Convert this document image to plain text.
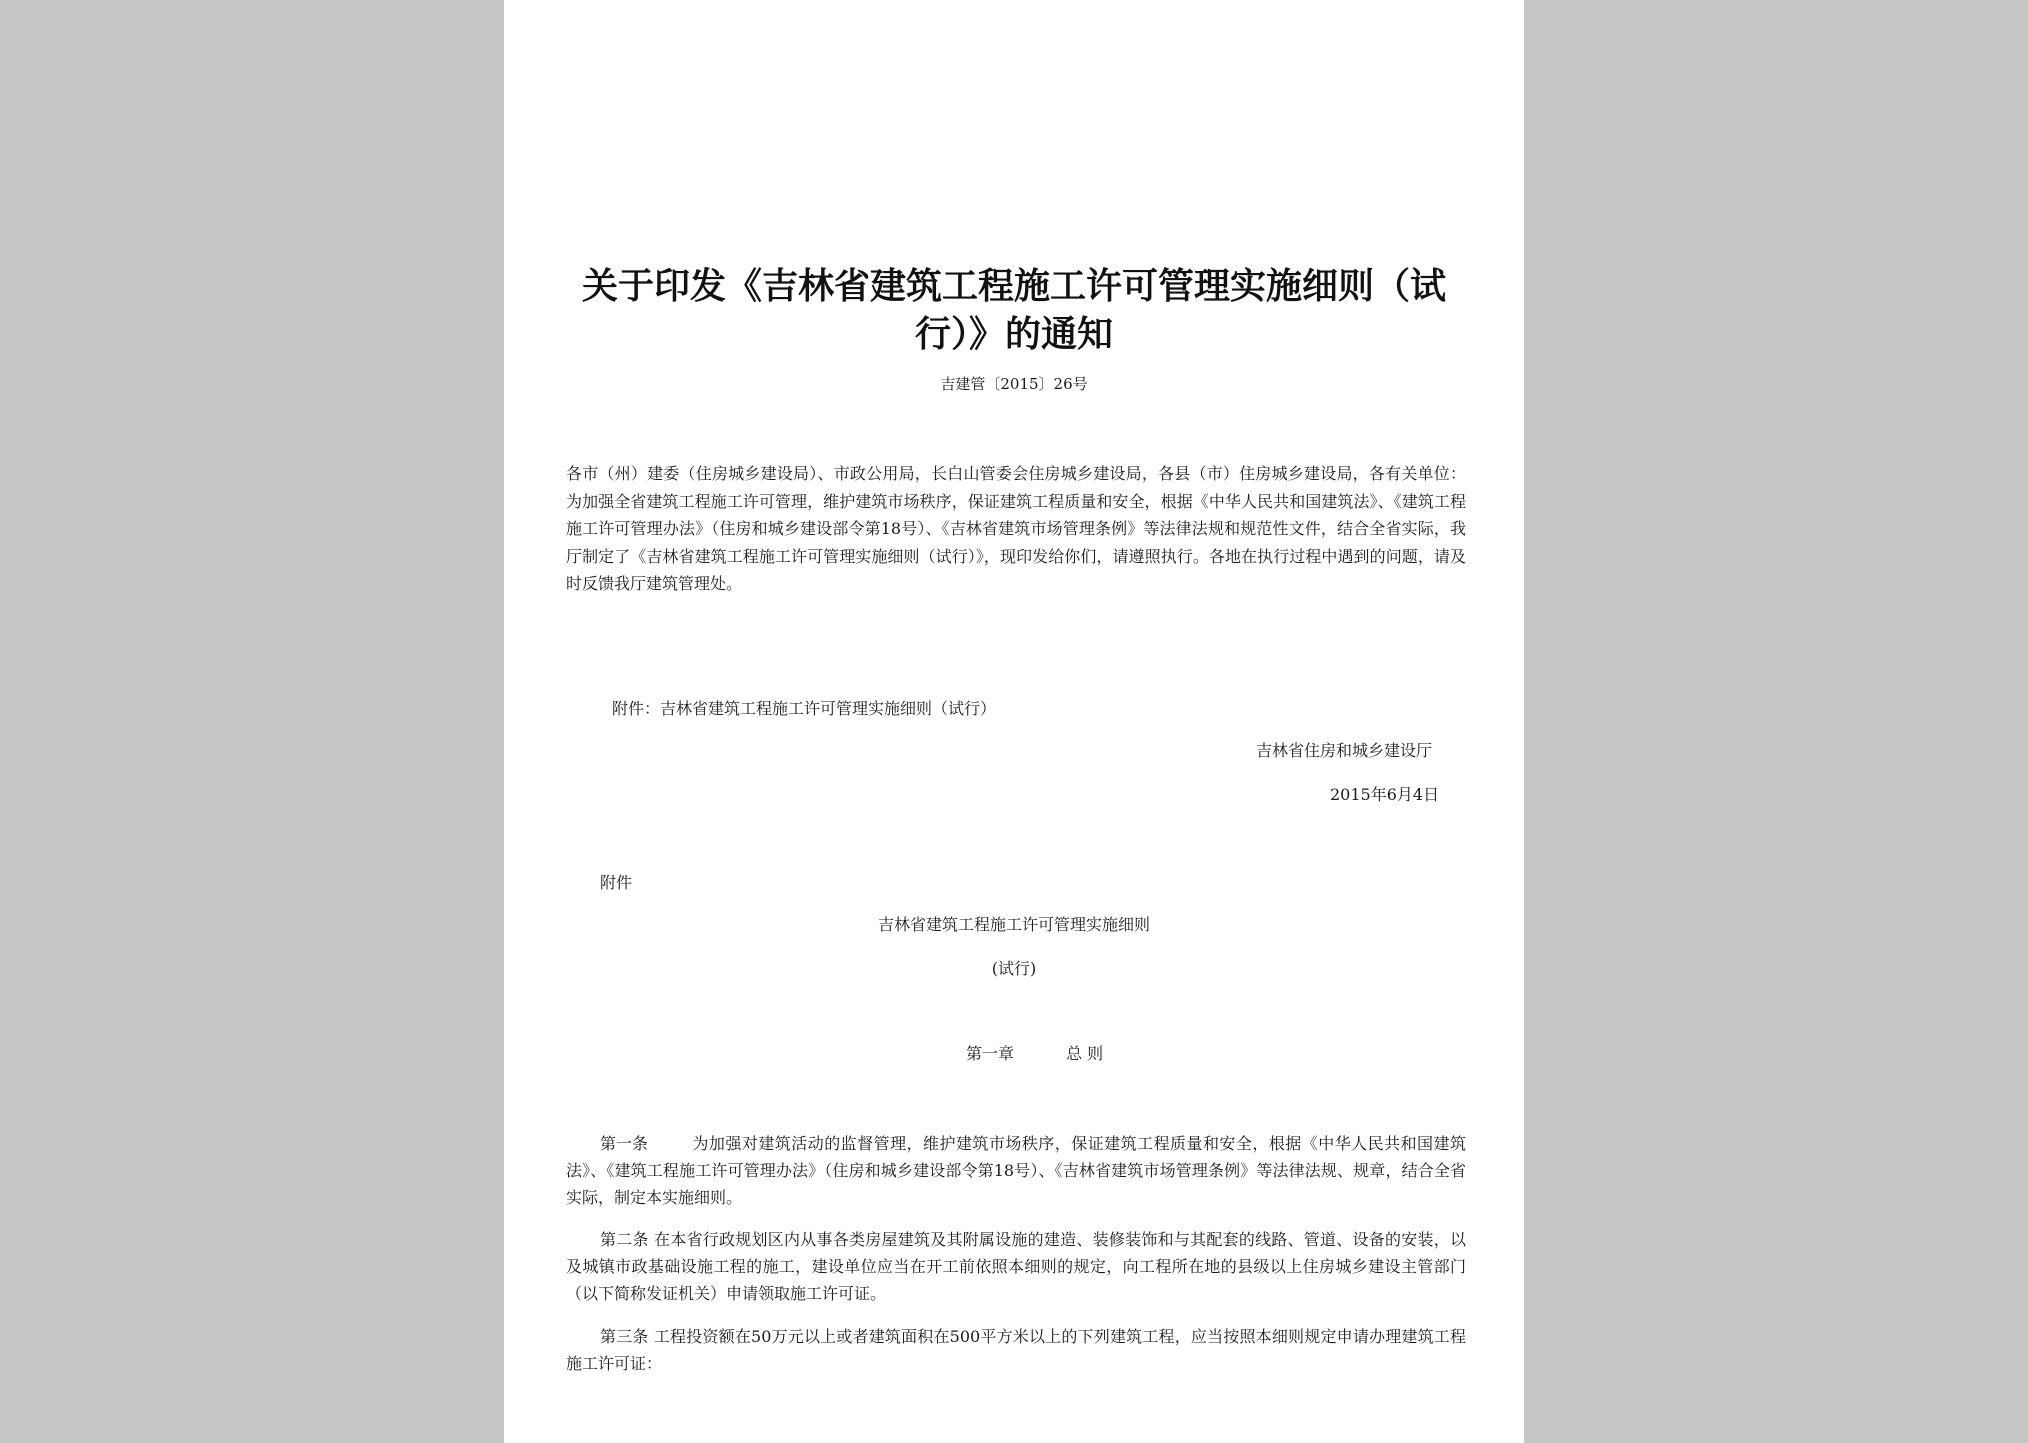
关于印发《吉林省建筑工程施工许可管理实施细则（试行）》的通知
吉建管〔2015〕26号

各市（州）建委（住房城乡建设局）、市政公用局，长白山管委会住房城乡建设局，各县（市）住房城乡建设局，各有关单位：为加强全省建筑工程施工许可管理，维护建筑市场秩序，保证建筑工程质量和安全，根据《中华人民共和国建筑法》、《建筑工程施工许可管理办法》（住房和城乡建设部令第18号）、《吉林省建筑市场管理条例》等法律法规和规范性文件，结合全省实际，我厅制定了《吉林省建筑工程施工许可管理实施细则（试行）》，现印发给你们，请遵照执行。各地在执行过程中遇到的问题，请及时反馈我厅建筑管理处。

附件：吉林省建筑工程施工许可管理实施细则（试行）
吉林省住房和城乡建设厅
2015年6月4日
附件
吉林省建筑工程施工许可管理实施细则
(试行)
第一章	总 则

第一条	为加强对建筑活动的监督管理，维护建筑市场秩序，保证建筑工程质量和安全，根据《中华人民共和国建筑法》、《建筑工程施工许可管理办法》（住房和城乡建设部令第18号）、《吉林省建筑市场管理条例》等法律法规、规章，结合全省实际，制定本实施细则。

第二条 在本省行政规划区内从事各类房屋建筑及其附属设施的建造、装修装饰和与其配套的线路、管道、设备的安装，以及城镇市政基础设施工程的施工，建设单位应当在开工前依照本细则的规定，向工程所在地的县级以上住房城乡建设主管部门（以下简称发证机关）申请领取施工许可证。

第三条 工程投资额在50万元以上或者建筑面积在500平方米以上的下列建筑工程，应当按照本细则规定申请办理建筑工程施工许可证：
